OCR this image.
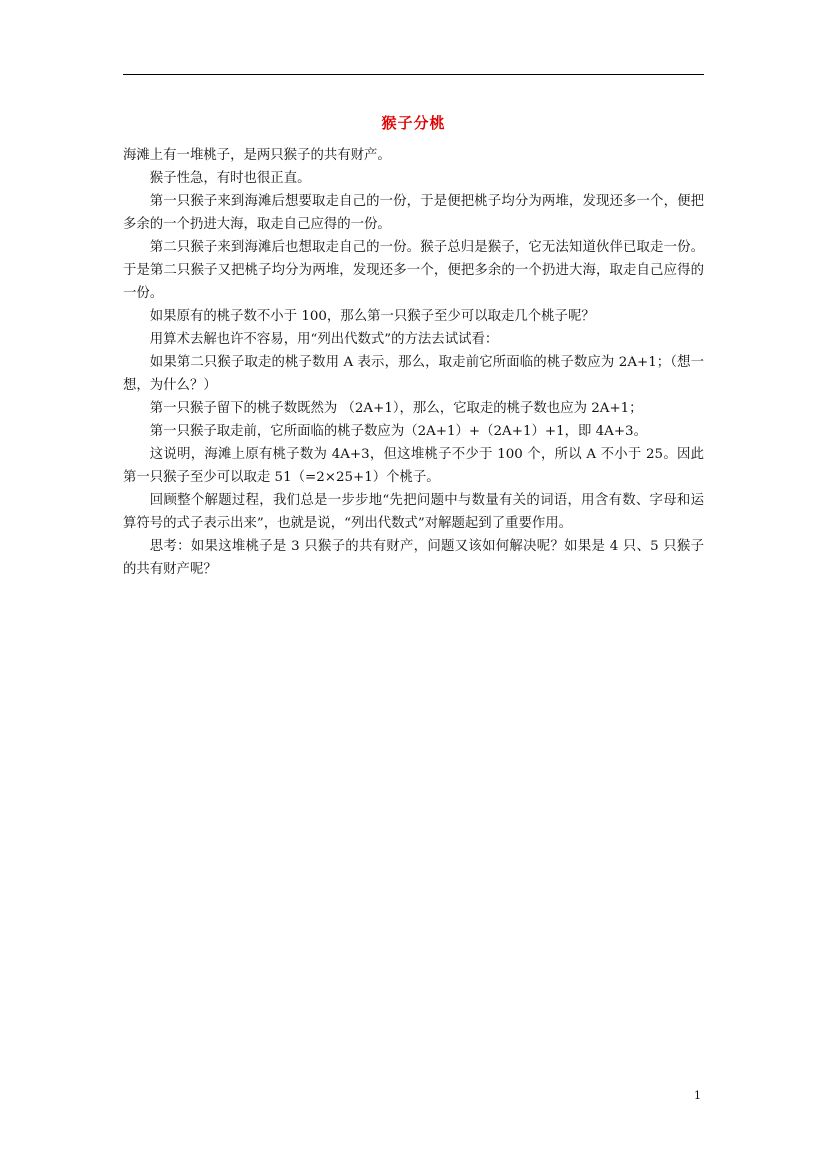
猴子分桃

海滩上有一堆桃子，是两只猴子的共有财产。

猴子性急，有时也很正直。

第一只猴子来到海滩后想要取走自己的一份，于是便把桃子均分为两堆，发现还多一个，便把多余的一个扔进大海，取走自己应得的一份。

第二只猴子来到海滩后也想取走自己的一份。猴子总归是猴子，它无法知道伙伴已取走一份。于是第二只猴子又把桃子均分为两堆，发现还多一个，便把多余的一个扔进大海，取走自己应得的一份。

如果原有的桃子数不小于 100，那么第一只猴子至少可以取走几个桃子呢？

用算术去解也许不容易，用“列出代数式”的方法去试试看：

如果第二只猴子取走的桃子数用 A 表示，那么，取走前它所面临的桃子数应为 2A+1；（想一想，为什么？）

第一只猴子留下的桃子数既然为 （2A+1），那么，它取走的桃子数也应为 2A+1；

第一只猴子取走前，它所面临的桃子数应为（2A+1）+（2A+1）+1，即 4A+3。

这说明，海滩上原有桃子数为 4A+3，但这堆桃子不少于 100 个，所以 A 不小于 25。因此第一只猴子至少可以取走 51（=2×25+1）个桃子。

回顾整个解题过程，我们总是一步步地“先把问题中与数量有关的词语，用含有数、字母和运算符号的式子表示出来”，也就是说，“列出代数式”对解题起到了重要作用。

思考：如果这堆桃子是 3 只猴子的共有财产，问题又该如何解决呢？如果是 4 只、5 只猴子的共有财产呢？

1
